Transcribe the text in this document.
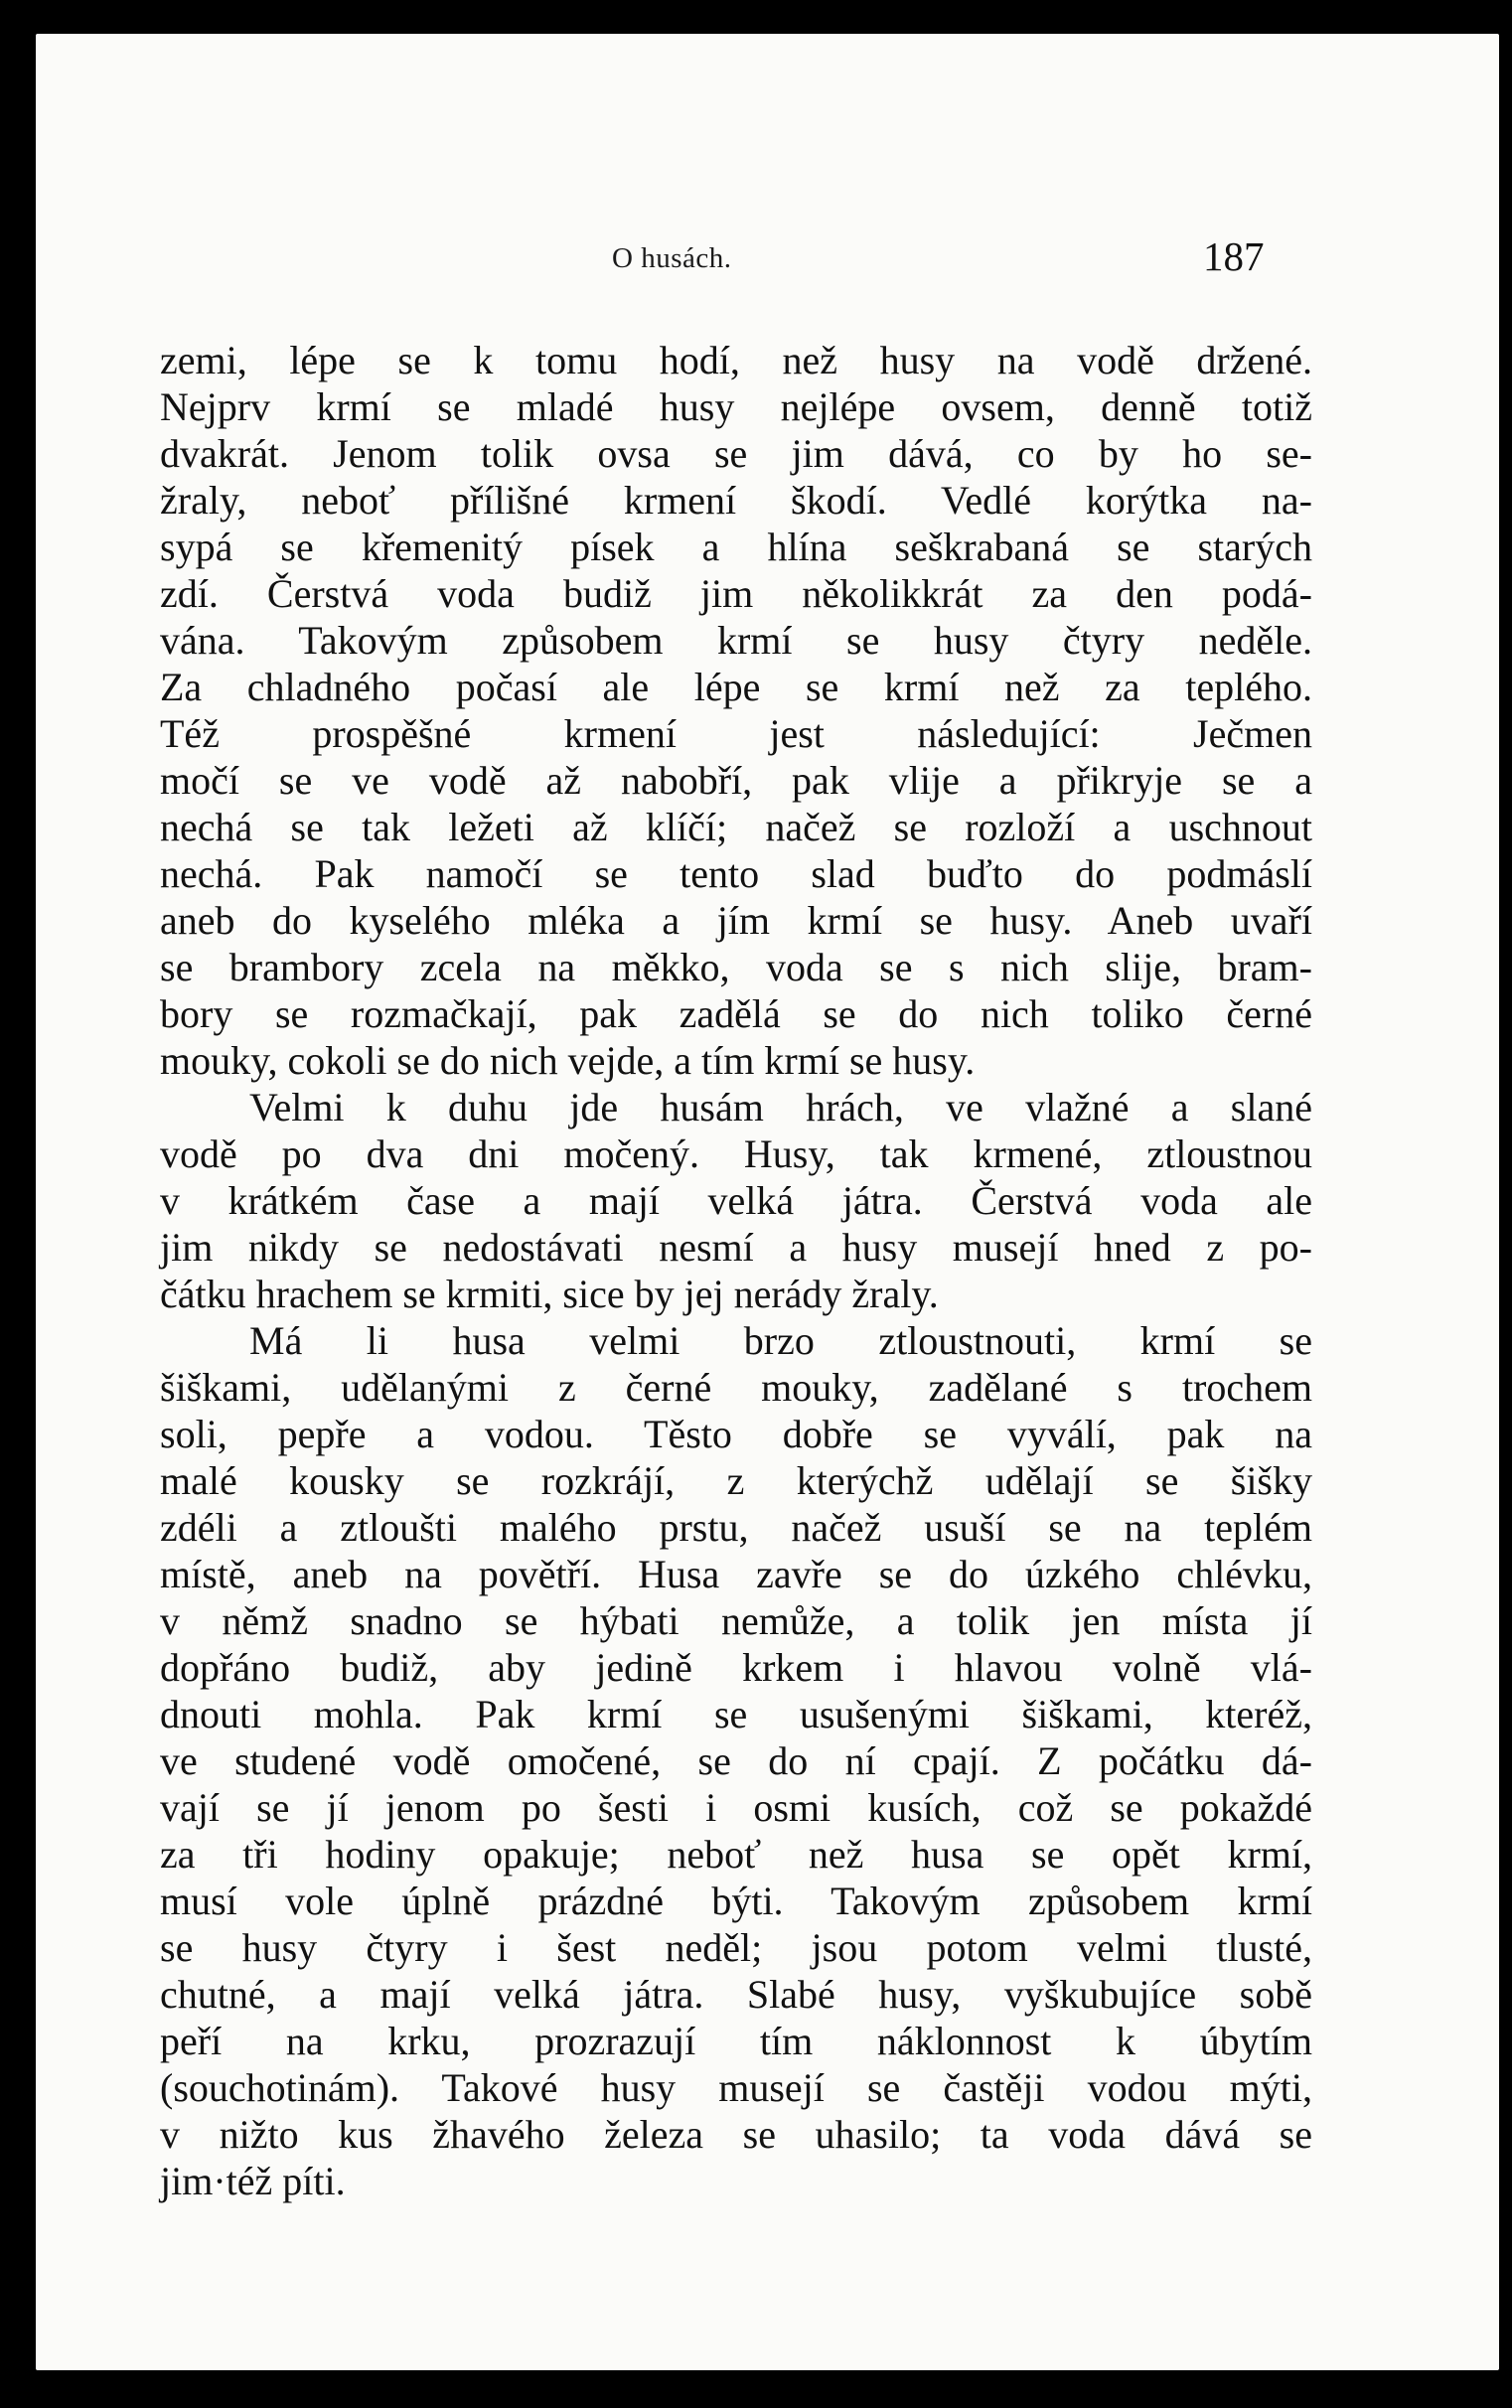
O husách.	187
zemi, lépe se k tomu hodí, než husy na vodě držené.
Nejprv krmí se mladé husy nejlépe ovsem, denně totiž
dvakrát. Jenom tolik ovsa se jim dává, co by ho se-
žraly, neboť přílišné krmení škodí. Vedlé korýtka na-
sypá se křemenitý písek a hlína seškrabaná se starých
zdí. Čerstvá voda budiž jim několikkrát za den podá-
vána. Takovým způsobem krmí se husy čtyry neděle.
Za chladného počasí ale lépe se krmí než za teplého.
Též prospěšné krmení jest následující: Ječmen
močí se ve vodě až nabobří, pak vlije a přikryje se a
nechá se tak ležeti až klíčí; načež se rozloží a uschnout
nechá. Pak namočí se tento slad buďto do podmáslí
aneb do kyselého mléka a jím krmí se husy. Aneb uvaří
se brambory zcela na měkko, voda se s nich slije, bram-
bory se rozmačkají, pak zadělá se do nich toliko černé
mouky, cokoli se do nich vejde, a tím krmí se husy.
Velmi k duhu jde husám hrách, ve vlažné a slané
vodě po dva dni močený. Husy, tak krmené, ztloustnou
v krátkém čase a mají velká játra. Čerstvá voda ale
jim nikdy se nedostávati nesmí a husy musejí hned z po-
čátku hrachem se krmiti, sice by jej nerády žraly.
Má li husa velmi brzo ztloustnouti, krmí se
šiškami, udělanými z černé mouky, zadělané s trochem
soli, pepře a vodou. Těsto dobře se vyválí, pak na
malé kousky se rozkrájí, z kterýchž udělají se šišky
zdéli a ztloušti malého prstu, načež usuší se na teplém
místě, aneb na povětří. Husa zavře se do úzkého chlévku,
v němž snadno se hýbati nemůže, a tolik jen místa jí
dopřáno budiž, aby jedině krkem i hlavou volně vlá-
dnouti mohla. Pak krmí se usušenými šiškami, kteréž,
ve studené vodě omočené, se do ní cpají. Z počátku dá-
vají se jí jenom po šesti i osmi kusích, což se pokaždé
za tři hodiny opakuje; neboť než husa se opět krmí,
musí vole úplně prázdné býti. Takovým způsobem krmí
se husy čtyry i šest neděl; jsou potom velmi tlusté,
chutné, a mají velká játra. Slabé husy, vyškubujíce sobě
peří na krku, prozrazují tím náklonnost k úbytím
(souchotinám). Takové husy musejí se častěji vodou mýti,
v nižto kus žhavého železa se uhasilo; ta voda dává se
jim·též píti.
